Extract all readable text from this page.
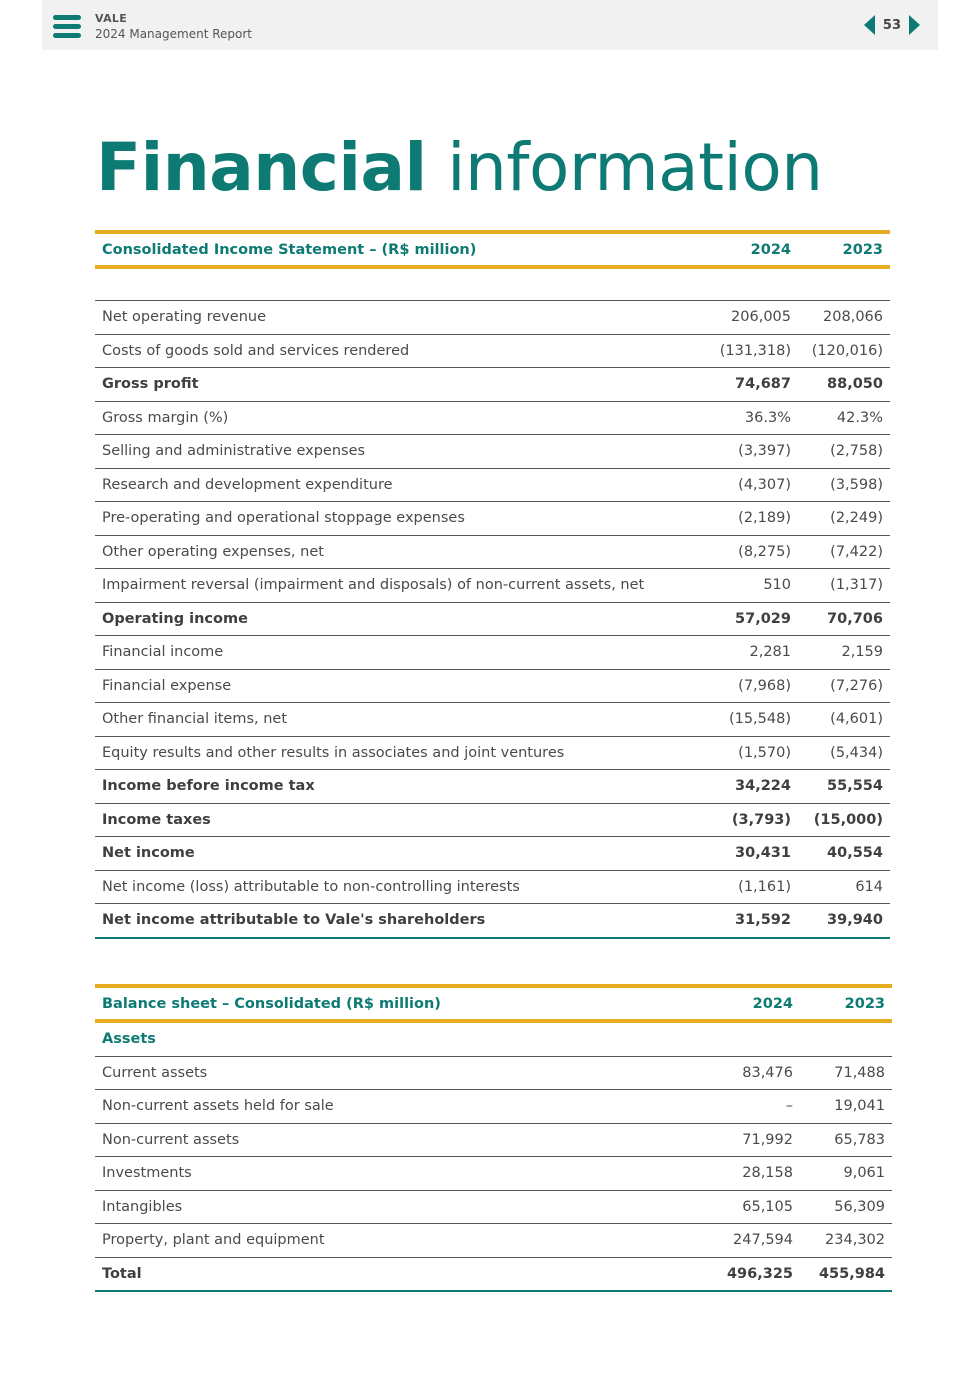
VALE
2024 Management Report
53
Financial information
Consolidated Income Statement – (R$ million)	2024	2023

Net operating revenue	206,005	208,066
Costs of goods sold and services rendered	(131,318)	(120,016)
Gross profit	74,687	88,050
Gross margin (%)	36.3%	42.3%
Selling and administrative expenses	(3,397)	(2,758)
Research and development expenditure	(4,307)	(3,598)
Pre-operating and operational stoppage expenses	(2,189)	(2,249)
Other operating expenses, net	(8,275)	(7,422)
Impairment reversal (impairment and disposals) of non-current assets, net	510	(1,317)
Operating income	57,029	70,706
Financial income	2,281	2,159
Financial expense	(7,968)	(7,276)
Other financial items, net	(15,548)	(4,601)
Equity results and other results in associates and joint ventures	(1,570)	(5,434)
Income before income tax	34,224	55,554
Income taxes	(3,793)	(15,000)
Net income	30,431	40,554
Net income (loss) attributable to non-controlling interests	(1,161)	614
Net income attributable to Vale's shareholders	31,592	39,940
Balance sheet – Consolidated (R$ million)	2024	2023
Assets		
Current assets	83,476	71,488
Non-current assets held for sale	–	19,041
Non-current assets	71,992	65,783
Investments	28,158	9,061
Intangibles	65,105	56,309
Property, plant and equipment	247,594	234,302
Total	496,325	455,984
